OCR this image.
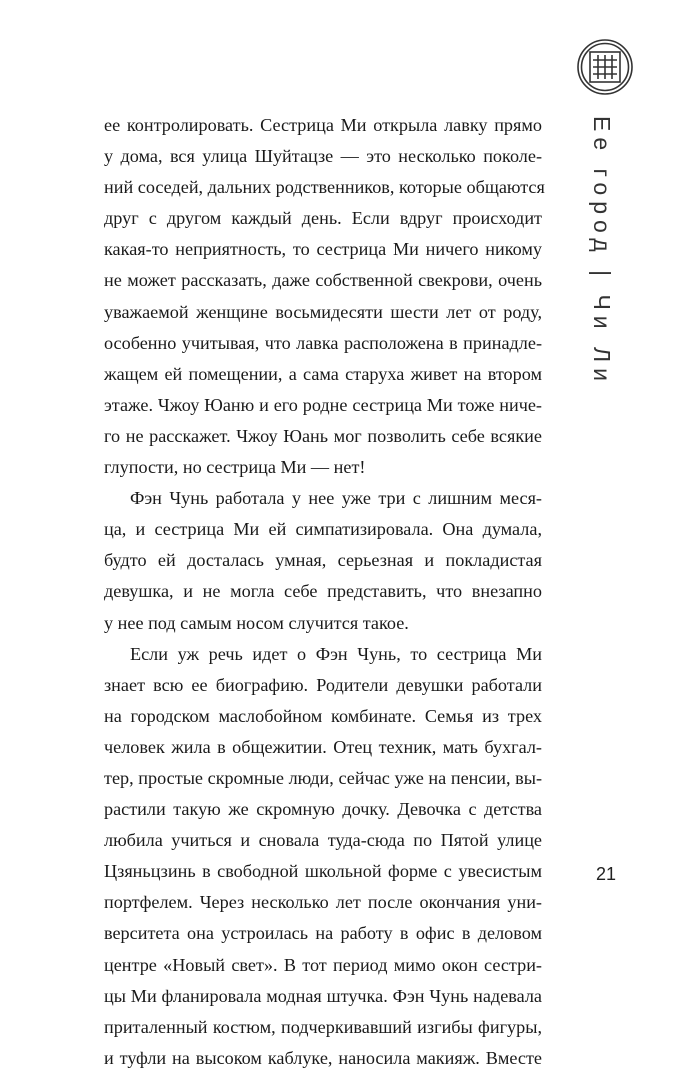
Ее город | Чи Ли
ее контролировать. Сестрица Ми открыла лавку прямо
у дома, вся улица Шуйтацзе — это несколько поколе-
ний соседей, дальних родственников, которые общаются
друг с другом каждый день. Если вдруг происходит
какая-то неприятность, то сестрица Ми ничего никому
не может рассказать, даже собственной свекрови, очень
уважаемой женщине восьмидесяти шести лет от роду,
особенно учитывая, что лавка расположена в принадле-
жащем ей помещении, а сама старуха живет на втором
этаже. Чжоу Юаню и его родне сестрица Ми тоже ниче-
го не расскажет. Чжоу Юань мог позволить себе всякие
глупости, но сестрица Ми — нет!
Фэн Чунь работала у нее уже три с лишним меся-
ца, и сестрица Ми ей симпатизировала. Она думала,
будто ей досталась умная, серьезная и покладистая
девушка, и не могла себе представить, что внезапно
у нее под самым носом случится такое.
Если уж речь идет о Фэн Чунь, то сестрица Ми
знает всю ее биографию. Родители девушки работали
на городском маслобойном комбинате. Семья из трех
человек жила в общежитии. Отец техник, мать бухгал-
тер, простые скромные люди, сейчас уже на пенсии, вы-
растили такую же скромную дочку. Девочка с детства
любила учиться и сновала туда-сюда по Пятой улице
Цзяньцзинь в свободной школьной форме с увесистым
портфелем. Через несколько лет после окончания уни-
верситета она устроилась на работу в офис в деловом
центре «Новый свет». В тот период мимо окон сестри-
цы Ми фланировала модная штучка. Фэн Чунь надевала
приталенный костюм, подчеркивавший изгибы фигуры,
и туфли на высоком каблуке, наносила макияж. Вместе
21
